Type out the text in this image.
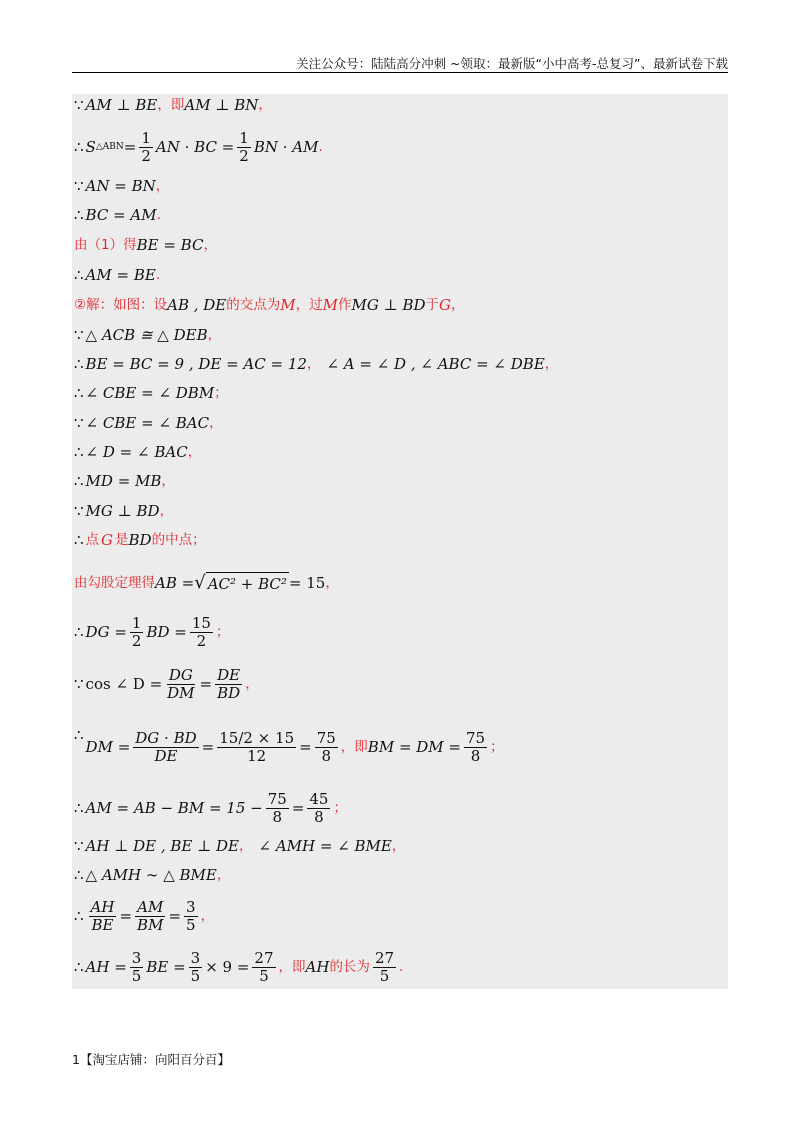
关注公众号：陆陆高分冲刺 ~领取：最新版“小中高考-总复习”、最新试卷下载
∵ AM ⊥ BE ，即 AM ⊥ BN ，
∴ S △ABN = $\frac{1}{2}$ AN · BC = $\frac{1}{2}$ BN · AM .
∵ AN = BN ，
∴ BC = AM .
由（1）得 BE = BC ，
∴ AM = BE .
②解：如图：设 AB , DE 的交点为 M ，过 M 作 MG ⊥ BD 于 G ，
∵ △ ACB ≅ △ DEB ，
∴ BE = BC = 9 , DE = AC = 12 ， ∠ A = ∠ D , ∠ ABC = ∠ DBE ，
∴ ∠ CBE = ∠ DBM ；
∵ ∠ CBE = ∠ BAC ，
∴ ∠ D = ∠ BAC ，
∴ MD = MB ，
∵ MG ⊥ BD ，
∴ 点 G 是 BD 的中点；
由勾股定理得 AB = √ AC² + BC² = 15 ，
∴ DG = $\frac{1}{2}$ BD = $\frac{15}{2}$ ；
∵ cos ∠ $D = \frac{DG}{DM} = \frac{DE}{BD}$ ，
∴
DM = $\frac{DG \cdot BD}{DE} = \frac{15/2 \times 15}{12} = \frac{75}{8}$ ，即 BM = DM = $\frac{75}{8}$ ；
∴ AM = AB − BM = $15 - \frac{75}{8} = \frac{45}{8}$ ；
∵ AH ⊥ DE , BE ⊥ DE ， ∠ AMH = ∠ BME ，
∴ △ AMH ∼ △ BME ，
∴ $\frac{AH}{BE} = \frac{AM}{BM} = \frac{3}{5}$ ，
∴ AH = $\frac{3}{5}$ BE = $\frac{3}{5} \times 9 = \frac{27}{5}$ ，即 AH 的长为 $\frac{27}{5}$ .
1【淘宝店铺：向阳百分百】
